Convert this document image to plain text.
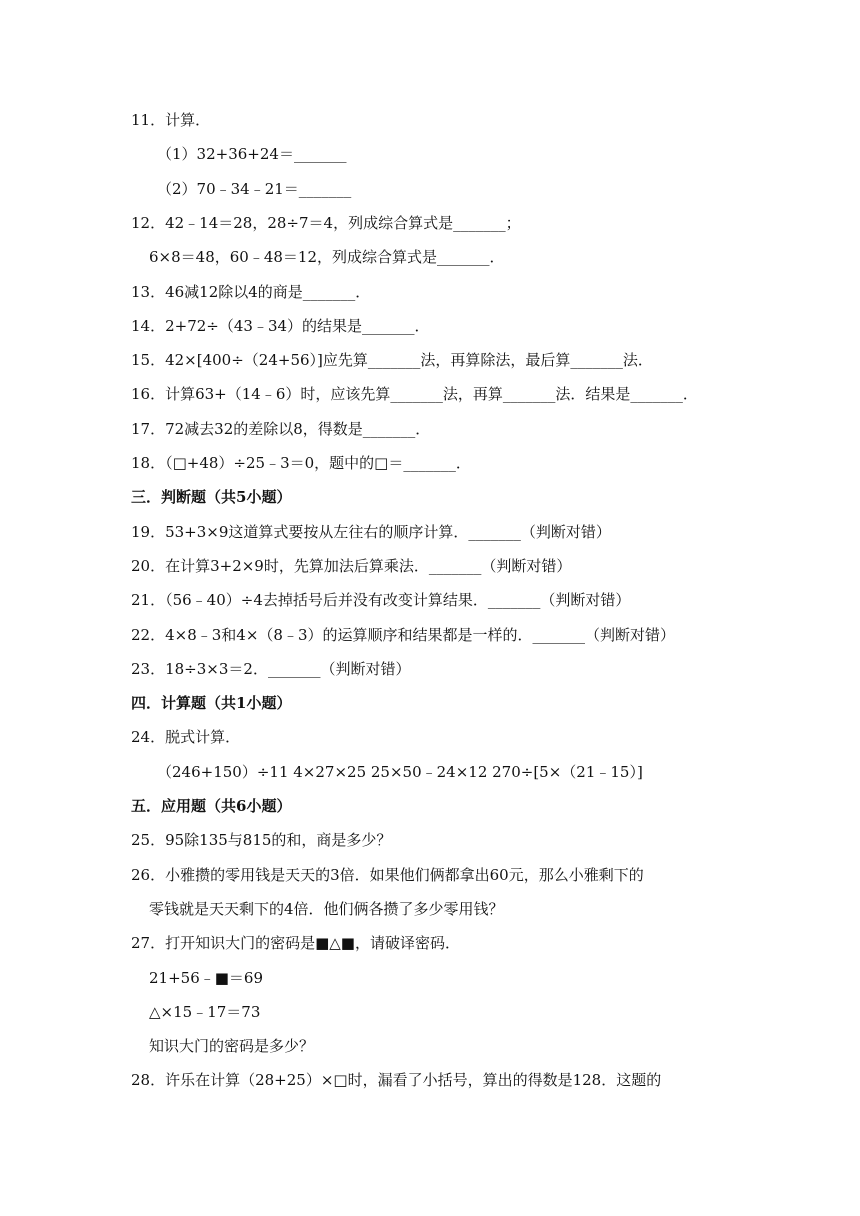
11．计算．
（1）32+36+24＝_______
（2）70﹣34﹣21＝_______
12．42﹣14＝28，28÷7＝4，列成综合算式是_______；
6×8＝48，60﹣48＝12，列成综合算式是_______．
13．46减12除以4的商是_______．
14．2+72÷（43﹣34）的结果是_______．
15．42×[400÷（24+56）]应先算_______法，再算除法，最后算_______法．
16．计算63+（14﹣6）时，应该先算_______法，再算_______法．结果是_______．
17．72减去32的差除以8，得数是_______．
18．（□+48）÷25﹣3＝0，题中的□＝_______．
三．判断题（共5小题）
19．53+3×9这道算式要按从左往右的顺序计算．_______（判断对错）
20．在计算3+2×9时，先算加法后算乘法．_______（判断对错）
21．（56﹣40）÷4去掉括号后并没有改变计算结果．_______（判断对错）
22．4×8﹣3和4×（8﹣3）的运算顺序和结果都是一样的．_______（判断对错）
23．18÷3×3＝2．_______（判断对错）
四．计算题（共1小题）
24．脱式计算．
（246+150）÷11 4×27×25 25×50﹣24×12 270÷[5×（21﹣15）]
五．应用题（共6小题）
25．95除135与815的和，商是多少？
26．小雅攒的零用钱是天天的3倍．如果他们俩都拿出60元，那么小雅剩下的
零钱就是天天剩下的4倍．他们俩各攒了多少零用钱？
27．打开知识大门的密码是■△■，请破译密码．
21+56﹣■＝69
△×15﹣17＝73
知识大门的密码是多少？
28．许乐在计算（28+25）×□时，漏看了小括号，算出的得数是128．这题的
